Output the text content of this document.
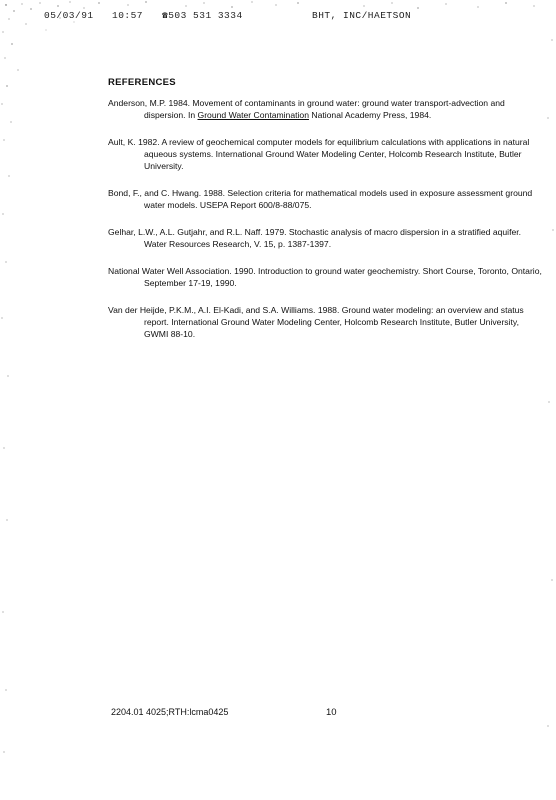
05/03/91 10:57 ☎503 531 3334	BHT, INC/HAETSON
REFERENCES
Anderson, M.P. 1984. Movement of contaminants in ground water: ground water transport-advection and dispersion. In Ground Water Contamination National Academy Press, 1984.
Ault, K. 1982. A review of geochemical computer models for equilibrium calculations with applications in natural aqueous systems. International Ground Water Modeling Center, Holcomb Research Institute, Butler University.
Bond, F., and C. Hwang. 1988. Selection criteria for mathematical models used in exposure assessment ground water models. USEPA Report 600/8-88/075.
Gelhar, L.W., A.L. Gutjahr, and R.L. Naff. 1979. Stochastic analysis of macro dispersion in a stratified aquifer. Water Resources Research, V. 15, p. 1387-1397.
National Water Well Association. 1990. Introduction to ground water geochemistry. Short Course, Toronto, Ontario, September 17-19, 1990.
Van der Heijde, P.K.M., A.I. El-Kadi, and S.A. Williams. 1988. Ground water modeling: an overview and status report. International Ground Water Modeling Center, Holcomb Research Institute, Butler University, GWMI 88-10.
2204.01 4025;RTH:lcma0425	10
